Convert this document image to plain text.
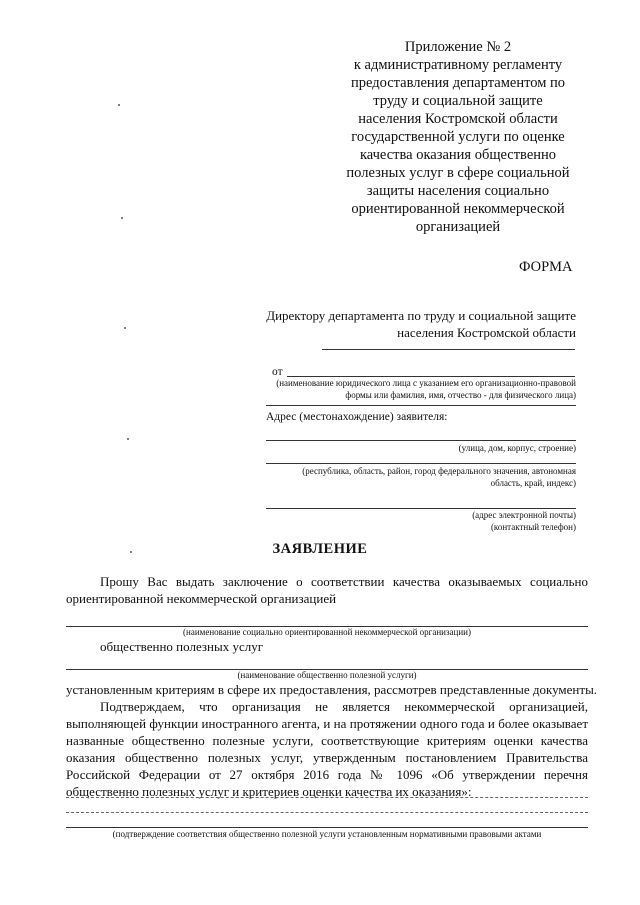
Приложение № 2
к административному регламенту
предоставления департаментом по
труду и социальной защите
населения Костромской области
государственной услуги по оценке
качества оказания общественно
полезных услуг в сфере социальной
защиты населения социально
ориентированной некоммерческой
организацией
ФОРМА
Директору департамента по труду и социальной защите
населения Костромской области
от
(наименование юридического лица с указанием его организационно-правовой
формы или фамилия, имя, отчество - для физического лица)
Адрес (местонахождение) заявителя:
(улица, дом, корпус, строение)
(республика, область, район, город федерального значения, автономная
область, край, индекс)
(адрес электронной почты)
(контактный телефон)
ЗАЯВЛЕНИЕ
Прошу Вас выдать заключение о соответствии качества оказываемых социально
ориентированной некоммерческой организацией
(наименование социально ориентированной некоммерческой организации)
общественно полезных услуг
(наименование общественно полезной услуги)
установленным критериям в сфере их предоставления, рассмотрев представленные документы.
Подтверждаем, что организация не является некоммерческой организацией, выполняющей функции иностранного агента, и на протяжении одного года и более оказывает названные общественно полезные услуги, соответствующие критериям оценки качества оказания общественно полезных услуг, утвержденным постановлением Правительства Российской Федерации от 27 октября 2016 года № 1096 «Об утверждении перечня общественно полезных услуг и критериев оценки качества их оказания»:
(подтверждение соответствия общественно полезной услуги установленным нормативными правовыми актами
